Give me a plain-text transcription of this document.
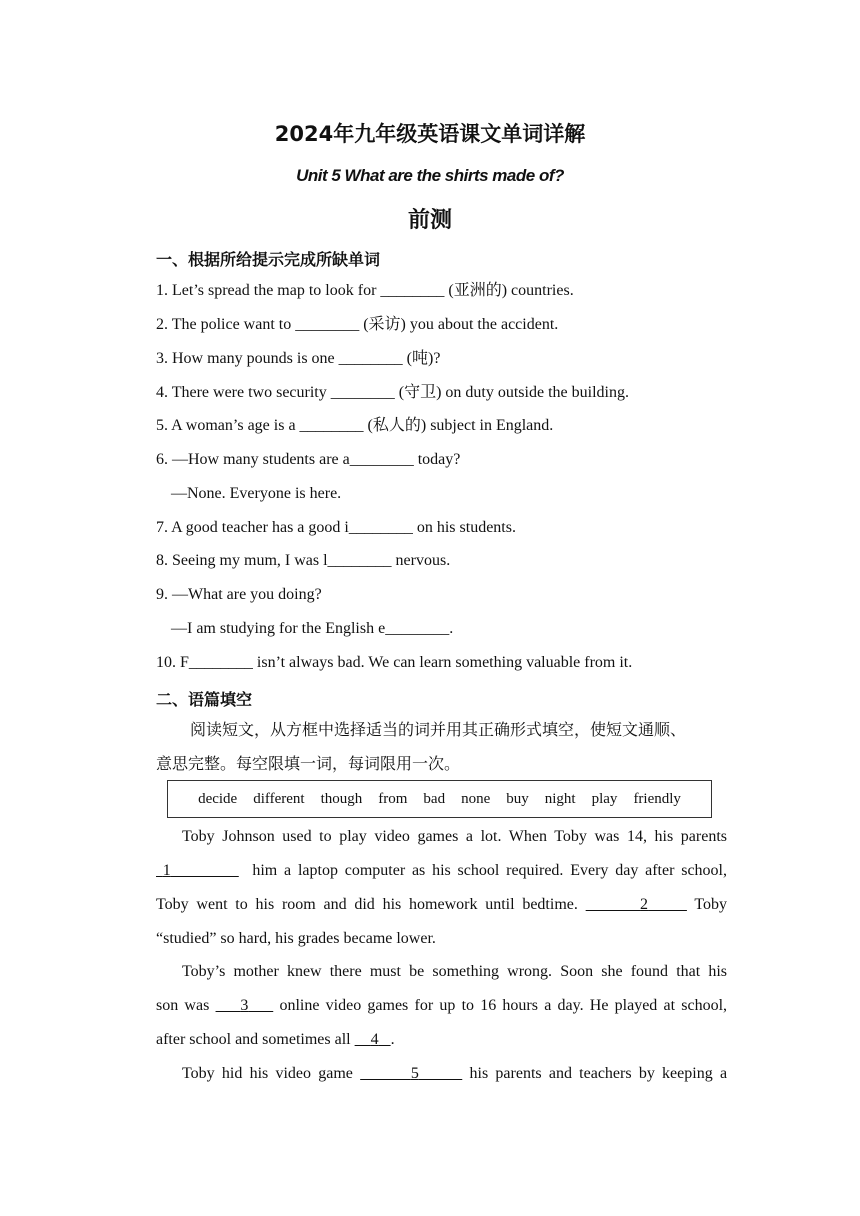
2024年九年级英语课文单词详解
Unit 5 What are the shirts made of?
前测
一、根据所给提示完成所缺单词
1. Let’s spread the map to look for ________ (亚洲的) countries.
2. The police want to ________ (采访) you about the accident.
3. How many pounds is one ________ (吨)?
4. There were two security ________ (守卫) on duty outside the building.
5. A woman’s age is a ________ (私人的) subject in England.
6. —How many students are a________ today?
—None. Everyone is here.
7. A good teacher has a good i________ on his students.
8. Seeing my mum, I was l________ nervous.
9. —What are you doing?
—I am studying for the English e________.
10. F________ isn’t always bad. We can learn something valuable from it.
二、语篇填空
阅读短文，从方框中选择适当的词并用其正确形式填空，使短文通顺、
意思完整。每空限填一词，每词限用一次。
decide different though from bad none buy night play friendly
Toby Johnson used to play video games a lot. When Toby was 14, his parents
1	him a laptop computer as his school required. Every day after school,
Toby went to his room and did his homework until bedtime.	2	Toby
“studied” so hard, his grades became lower.
Toby’s mother knew there must be something wrong. Soon she found that his
son was 3 online video games for up to 16 hours a day. He played at school,
after school and sometimes all 4 .
Toby hid his video game	5	his parents and teachers by keeping a
